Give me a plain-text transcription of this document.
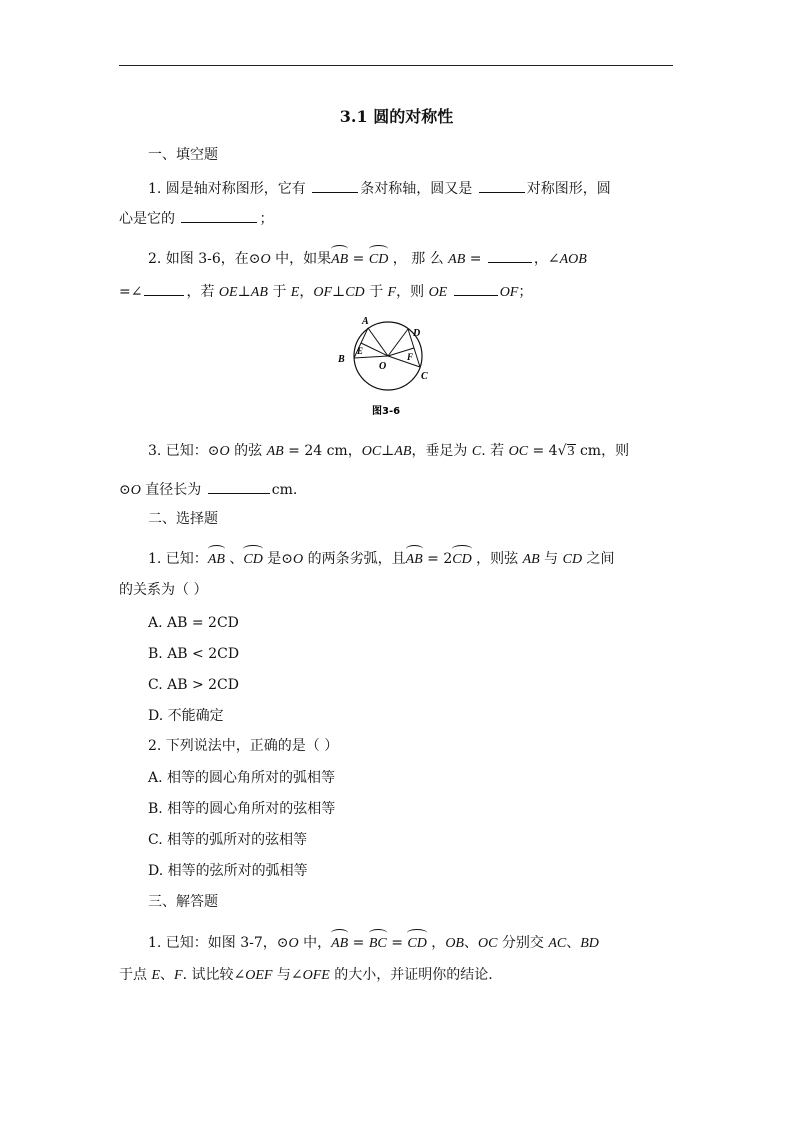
3.1 圆的对称性
一、填空题
1. 圆是轴对称图形，它有	条对称轴，圆又是	对称图形，圆
心是它的	；
2. 如图 3-6，在⊙O 中，如果AB = CD ， 那 么 AB =	，∠AOB
=∠	，若 OE⊥AB 于 E，OF⊥CD 于 F，则 OE	OF；
A
B
C
D
E
F
O
图3-6
3. 已知：⊙O 的弦 AB = 24 cm，OC⊥AB，垂足为 C. 若 OC = 4√3 cm，则
⊙O 直径长为	cm.
二、选择题
1. 已知：AB 、CD 是⊙O 的两条劣弧，且AB = 2CD ，则弦 AB 与 CD 之间
的关系为（ ）
A. AB = 2CD
B. AB < 2CD
C. AB > 2CD
D. 不能确定
2. 下列说法中，正确的是（ ）
A. 相等的圆心角所对的弧相等
B. 相等的圆心角所对的弦相等
C. 相等的弧所对的弦相等
D. 相等的弦所对的弧相等
三、解答题
1. 已知：如图 3-7，⊙O 中，AB = BC = CD ，OB、OC 分别交 AC、BD
于点 E、F. 试比较∠OEF 与∠OFE 的大小，并证明你的结论.
